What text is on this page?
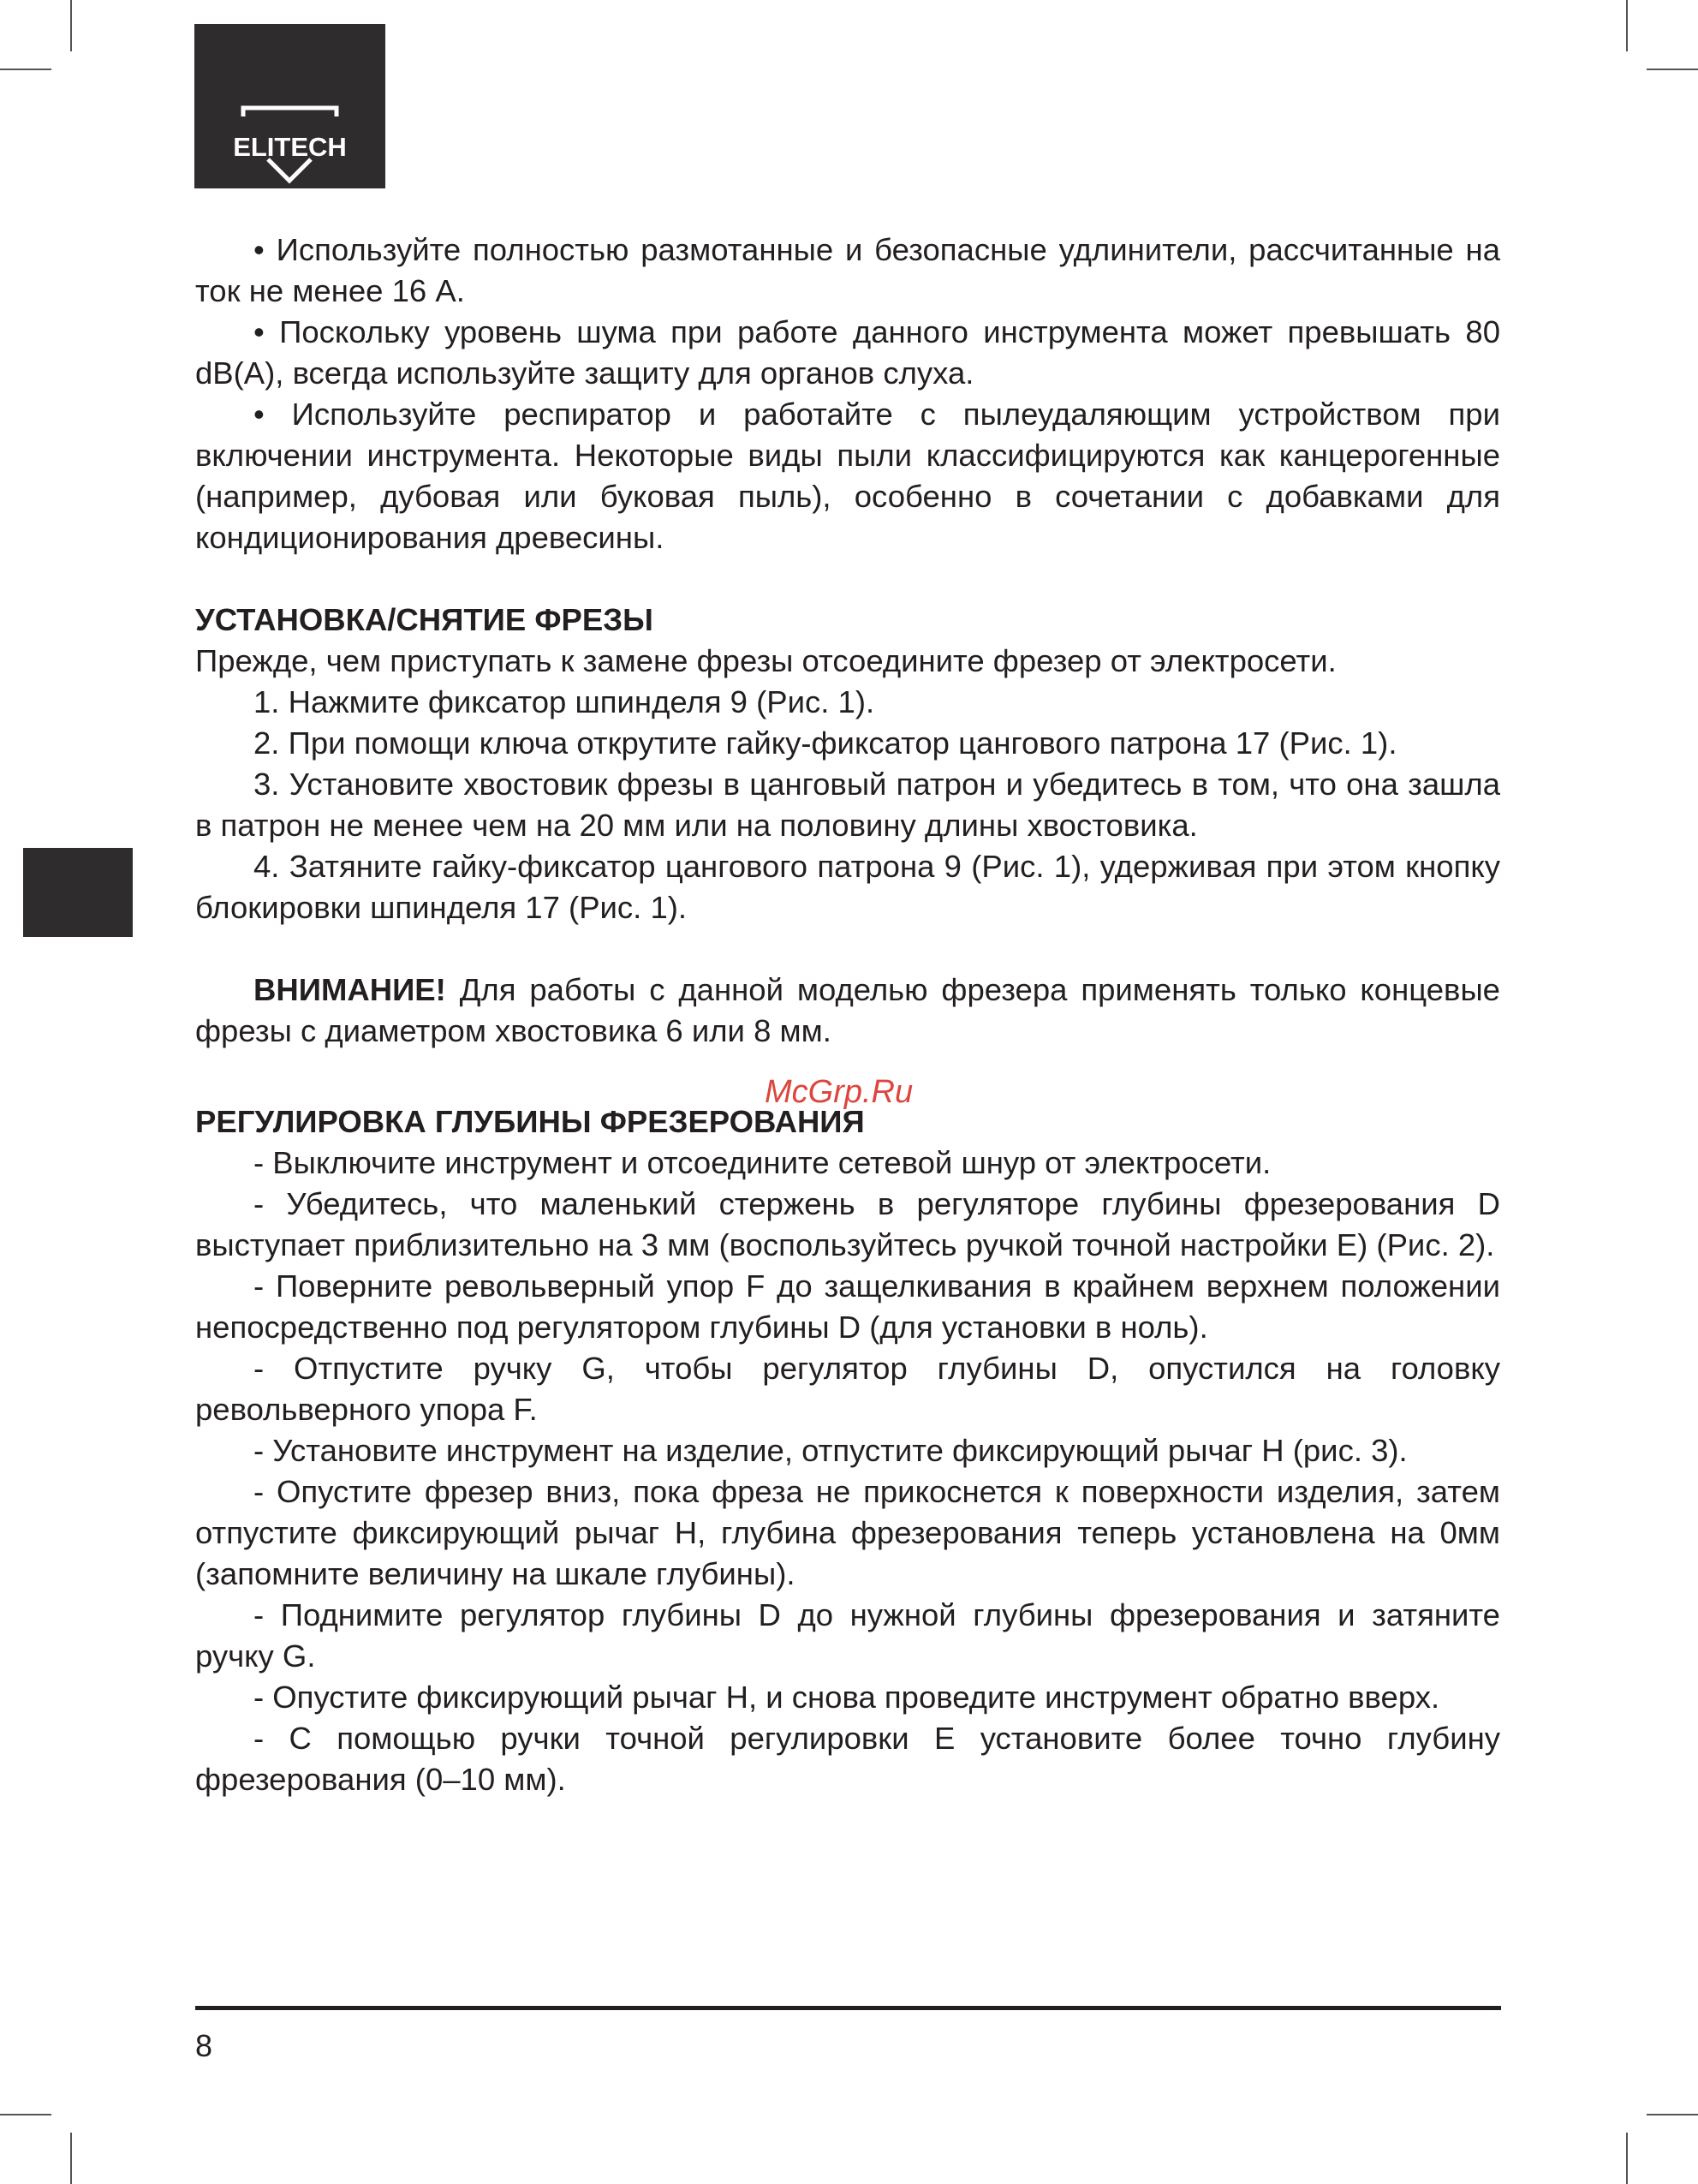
ELITECH

• Используйте полностью размотанные и безопасные удлинители, рассчитанные на ток не менее 16 А.

• Поскольку уровень шума при работе данного инструмента может превышать 80 dB(A), всегда используйте защиту для органов слуха.

• Используйте респиратор и работайте с пылеудаляющим устройством при включении инструмента. Некоторые виды пыли классифицируются как канцерогенные (например, дубовая или буковая пыль), особенно в сочетании с добавками для кондиционирования древесины.

УСТАНОВКА/СНЯТИЕ ФРЕЗЫ

Прежде, чем приступать к замене фрезы отсоедините фрезер от электросети.

1. Нажмите фиксатор шпинделя 9 (Рис. 1).

2. При помощи ключа открутите гайку-фиксатор цангового патрона 17 (Рис. 1).

3. Установите хвостовик фрезы в цанговый патрон и убедитесь в том, что она зашла в патрон не менее чем на 20 мм или на половину длины хвостовика.

4. Затяните гайку-фиксатор цангового патрона 9 (Рис. 1), удерживая при этом кнопку блокировки шпинделя 17 (Рис. 1).

ВНИМАНИЕ! Для работы с данной моделью фрезера применять только концевые фрезы с диаметром хвостовика 6 или 8 мм.

РЕГУЛИРОВКА ГЛУБИНЫ ФРЕЗЕРОВАНИЯ

- Выключите инструмент и отсоедините сетевой шнур от электросети.

- Убедитесь, что маленький стержень в регуляторе глубины фрезерования D выступает приблизительно на 3 мм (воспользуйтесь ручкой точной настройки E) (Рис. 2).

- Поверните револьверный упор F до защелкивания в крайнем верхнем положении непосредственно под регулятором глубины D (для установки в ноль).

- Отпустите ручку G, чтобы регулятор глубины D, опустился на головку револьверного упора F.

- Установите инструмент на изделие, отпустите фиксирующий рычаг H (рис. 3).

- Опустите фрезер вниз, пока фреза не прикоснется к поверхности изделия, затем отпустите фиксирующий рычаг H, глубина фрезерования теперь установлена на 0мм (запомните величину на шкале глубины).

- Поднимите регулятор глубины D до нужной глубины фрезерования и затяните ручку G.

- Опустите фиксирующий рычаг H, и снова проведите инструмент обратно вверх.

- С помощью ручки точной регулировки E установите более точно глубину фрезерования (0–10 мм).

McGrp.Ru
8
